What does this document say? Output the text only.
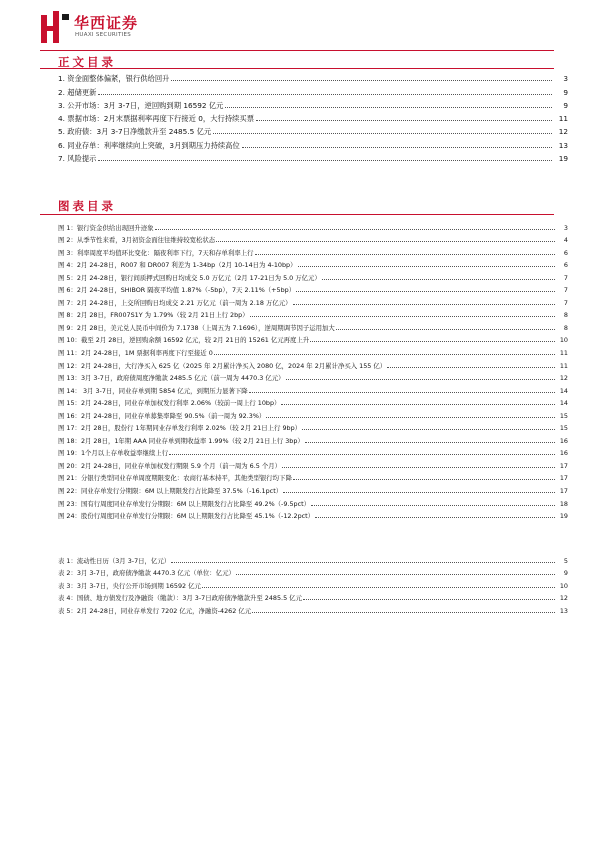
华西证券
HUAXI SECURITIES
正文目录
1. 资金面整体偏紧，银行供给回升	3
2. 超储更新	9
3. 公开市场：3月 3-7日，逆回购到期 16592 亿元	9
4. 票据市场：2月末票据利率再度下行接近 0，大行持续买票	11
5. 政府债：3月 3-7日净缴款升至 2485.5 亿元	12
6. 同业存单：利率继续向上突破，3月到期压力持续高位	13
7. 风险提示	19
图表目录
图 1：银行资金供给出现回升迹象	3
图 2：从季节性来看，3月初资金面往往维持较宽松状态	4
图 3：利率周度平均值环比变化：隔夜利率下行，7天和存单利率上行	6
图 4：2月 24-28日，R007 和 DR007 利差为 1-34bp（2月 10-14日为 4-10bp）	6
图 5：2月 24-28日，银行间质押式回购日均成交 5.0 万亿元（2月 17-21日为 5.0 万亿元）	7
图 6：2月 24-28日，SHIBOR 隔夜平均值 1.87%（-5bp），7天 2.11%（+5bp）	7
图 7：2月 24-28日，上交所回购日均成交 2.21 万亿元（前一周为 2.18 万亿元）	7
图 8：2月 28日，FR007S1Y 为 1.79%（较 2月 21日上行 2bp）	8
图 9：2月 28日，美元兑人民币中间价为 7.1738（上周五为 7.1696），逆周期调节因子运用加大	8
图 10：截至 2月 28日，逆回购余额 16592 亿元，较 2月 21日的 15261 亿元再度上升	10
图 11：2月 24-28日，1M 票据利率再度下行至接近 0	11
图 12：2月 24-28日，大行净买入 625 亿（2025 年 2月累计净买入 2080 亿，2024 年 2月累计净买入 155 亿）	11
图 13：3月 3-7日，政府债周度净缴款 2485.5 亿元（前一周为 4470.3 亿元）	12
图 14： 3月 3-7日，同业存单到期 5854 亿元，到期压力显著下降	14
图 15：2月 24-28日，同业存单加权发行利率 2.06%（较前一周上行 10bp）	14
图 16：2月 24-28日，同业存单募集率降至 90.5%（前一周为 92.3%）	15
图 17：2月 28日，股份行 1年期同业存单发行利率 2.02%（较 2月 21日上行 9bp）	15
图 18：2月 28日，1年期 AAA 同业存单到期收益率 1.99%（较 2月 21日上行 3bp）	16
图 19：1个月以上存单收益率继续上行	16
图 20：2月 24-28日，同业存单加权发行期限 5.9 个月（前一周为 6.5 个月）	17
图 21：分银行类型同业存单周度期限变化：农商行基本持平，其他类型银行均下降	17
图 22：同业存单发行分期限：6M 以上期限发行占比降至 37.5%（-16.1pct）	17
图 23：国有行周度同业存单发行分期限：6M 以上期限发行占比降至 49.2%（-9.5pct）	18
图 24：股份行周度同业存单发行分期限：6M 以上期限发行占比降至 45.1%（-12.2pct）	19
表 1：流动性日历（3月 3-7日，亿元）	5
表 2：3月 3-7日，政府债净缴款 4470.3 亿元（单位：亿元）	9
表 3：3月 3-7日，央行公开市场到期 16592 亿元	10
表 4：国债、地方债发行及净融资（缴款）：3月 3-7日政府债净缴款升至 2485.5 亿元	12
表 5：2月 24-28日，同业存单发行 7202 亿元，净融资-4262 亿元	13
